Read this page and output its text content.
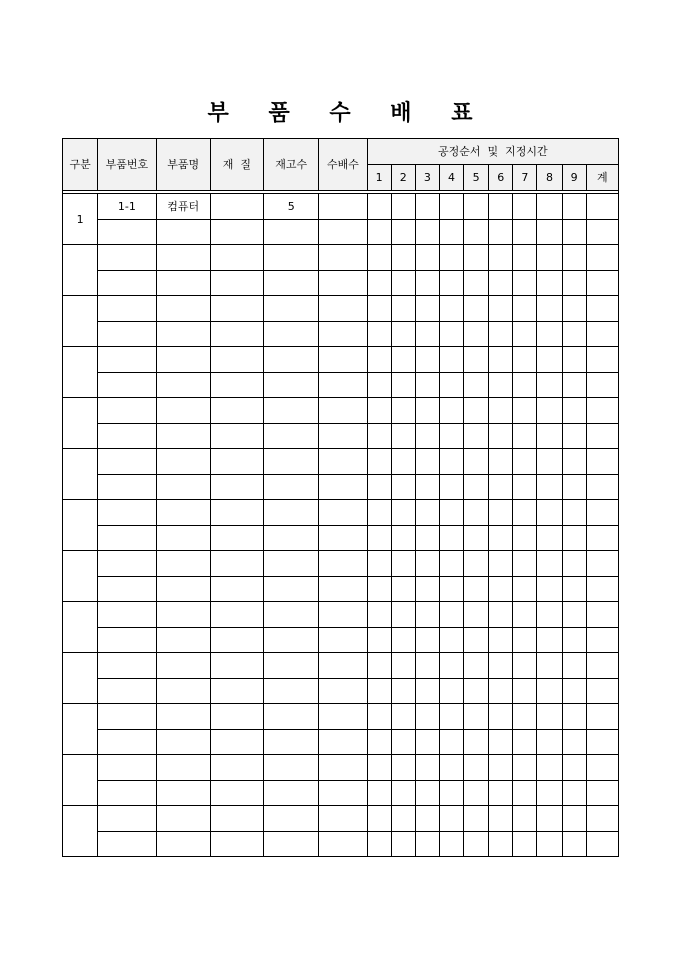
부 품 수 배 표
구분	부품번호	부품명	재  질	재고수	수배수	공정순서  및  지정시간									
						1	2	3	4	5	6	7	8	9	계

1	1-1	컴퓨터		5											
